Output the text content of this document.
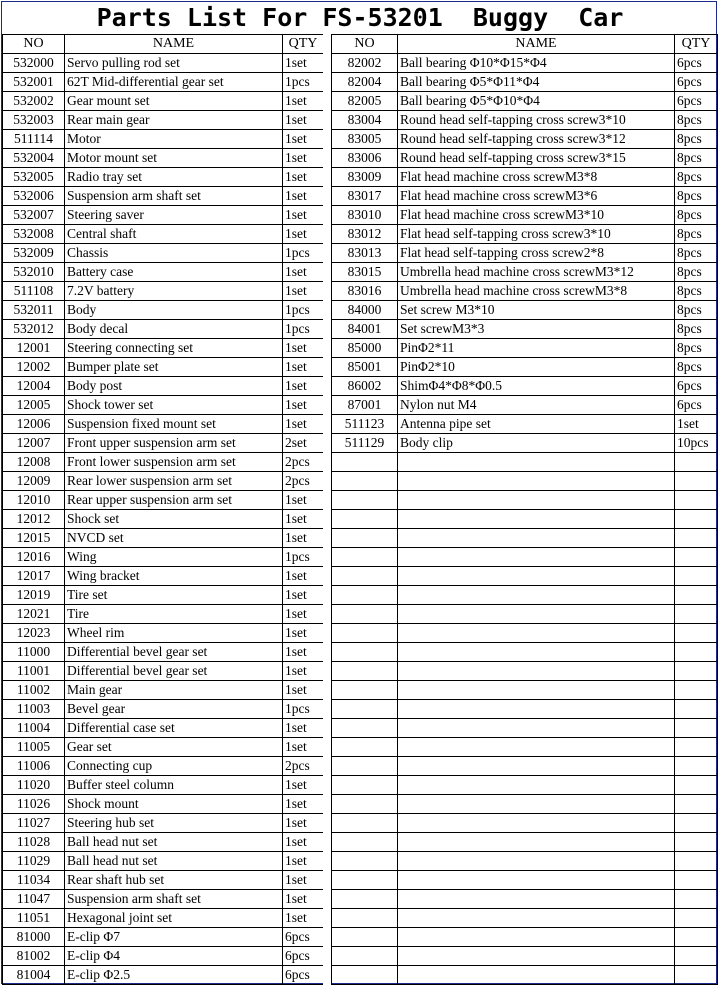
Parts List For FS-53201  Buggy  Car
NO	NAME	QTY
532000	Servo pulling rod set	1set
532001	62T Mid-differential gear set	1pcs
532002	Gear mount set	1set
532003	Rear main gear	1set
511114	Motor	1set
532004	Motor mount set	1set
532005	Radio tray set	1set
532006	Suspension arm shaft set	1set
532007	Steering saver	1set
532008	Central shaft	1set
532009	Chassis	1pcs
532010	Battery case	1set
511108	7.2V battery	1set
532011	Body	1pcs
532012	Body decal	1pcs
12001	Steering connecting set	1set
12002	Bumper plate set	1set
12004	Body post	1set
12005	Shock tower set	1set
12006	Suspension fixed mount set	1set
12007	Front upper suspension arm set	2set
12008	Front lower suspension arm set	2pcs
12009	Rear lower suspension arm set	2pcs
12010	Rear upper suspension arm set	1set
12012	Shock set	1set
12015	NVCD set	1set
12016	Wing	1pcs
12017	Wing bracket	1set
12019	Tire set	1set
12021	Tire	1set
12023	Wheel rim	1set
11000	Differential bevel gear set	1set
11001	Differential bevel gear set	1set
11002	Main gear	1set
11003	Bevel gear	1pcs
11004	Differential case set	1set
11005	Gear set	1set
11006	Connecting cup	2pcs
11020	Buffer steel column	1set
11026	Shock mount	1set
11027	Steering hub set	1set
11028	Ball head nut set	1set
11029	Ball head nut set	1set
11034	Rear shaft hub set	1set
11047	Suspension arm shaft set	1set
11051	Hexagonal joint set	1set
81000	E-clip Φ7	6pcs
81002	E-clip Φ4	6pcs
81004	E-clip Φ2.5	6pcs
NO	NAME	QTY
82002	Ball bearing Φ10*Φ15*Φ4	6pcs
82004	Ball bearing Φ5*Φ11*Φ4	6pcs
82005	Ball bearing Φ5*Φ10*Φ4	6pcs
83004	Round head self-tapping cross screw3*10	8pcs
83005	Round head self-tapping cross screw3*12	8pcs
83006	Round head self-tapping cross screw3*15	8pcs
83009	Flat head machine cross screwM3*8	8pcs
83017	Flat head machine cross screwM3*6	8pcs
83010	Flat head machine cross screwM3*10	8pcs
83012	Flat head self-tapping cross screw3*10	8pcs
83013	Flat head self-tapping cross screw2*8	8pcs
83015	Umbrella head machine cross screwM3*12	8pcs
83016	Umbrella head machine cross screwM3*8	8pcs
84000	Set screw M3*10	8pcs
84001	Set screwM3*3	8pcs
85000	PinΦ2*11	8pcs
85001	PinΦ2*10	8pcs
86002	ShimΦ4*Φ8*Φ0.5	6pcs
87001	Nylon nut M4	6pcs
511123	Antenna pipe set	1set
511129	Body clip	10pcs
